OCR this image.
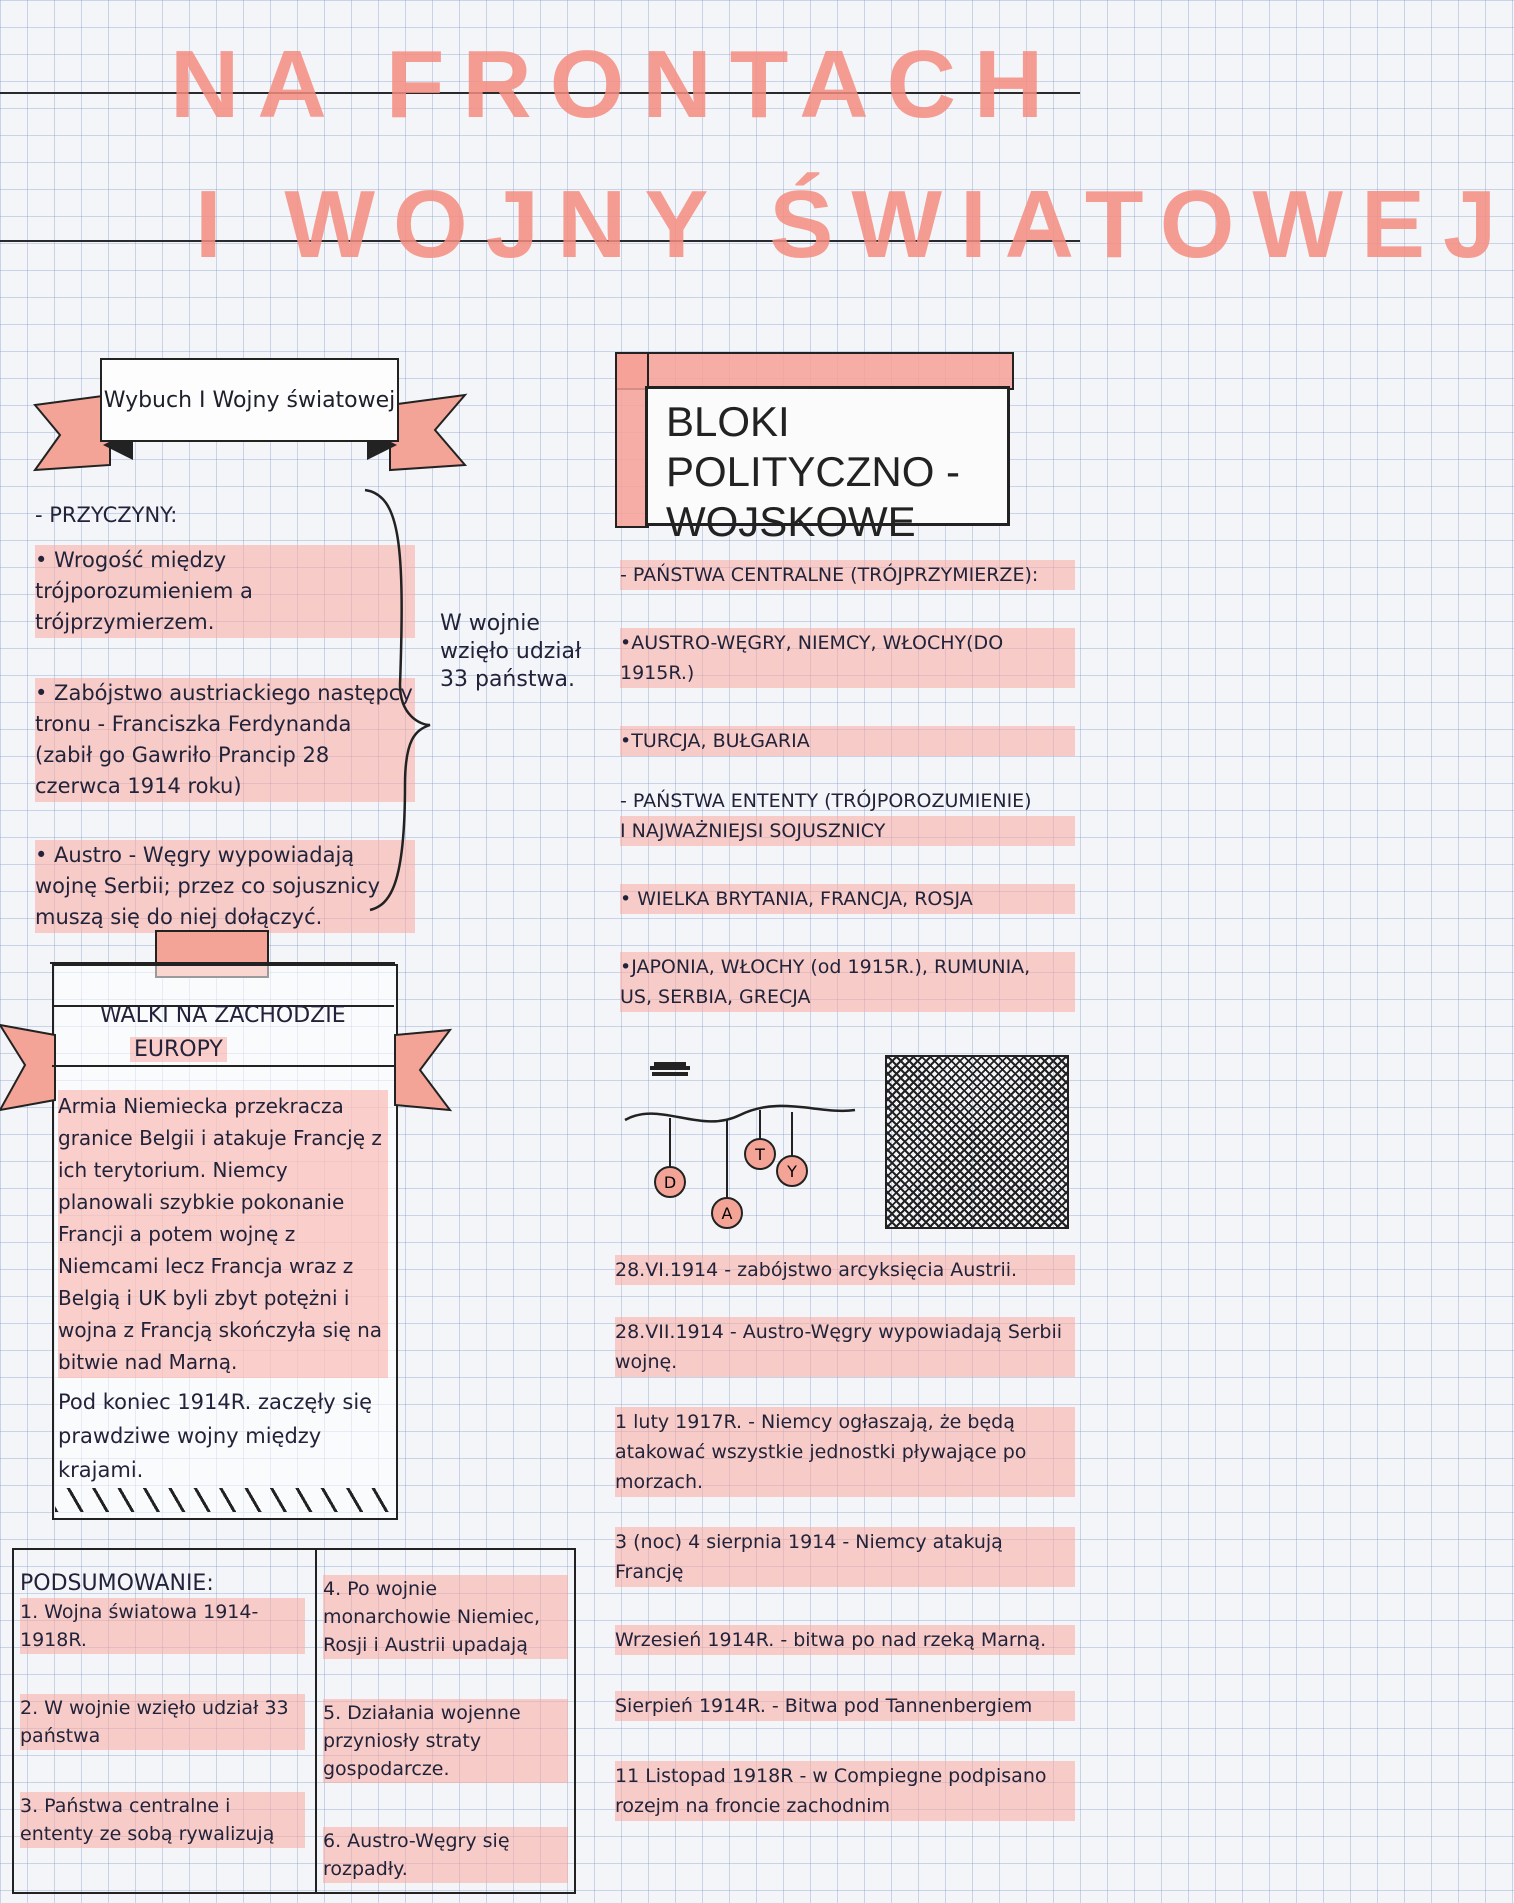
NA FRONTACH
I WOJNY ŚWIATOWEJ
Wybuch I Wojny światowej
- PRZYCZYNY:
• Wrogość między trójporozumieniem a trójprzymierzem.
• Zabójstwo austriackiego następcy tronu - Franciszka Ferdynanda (zabił go Gawriło Prancip 28 czerwca 1914 roku)
• Austro - Węgry wypowiadają wojnę Serbii; przez co sojusznicy muszą się do niej dołączyć.
W wojnie wzięło udział 33 państwa.
WALKI NA ZACHODZIE
EUROPY
Armia Niemiecka przekracza granice Belgii i atakuje Francję z ich terytorium. Niemcy planowali szybkie pokonanie Francji a potem wojnę z Niemcami lecz Francja wraz z Belgią i UK byli zbyt potężni i wojna z Francją skończyła się na bitwie nad Marną.
Pod koniec 1914R. zaczęły się prawdziwe wojny między krajami.
BLOKI POLITYCZNO -
WOJSKOWE
- PAŃSTWA CENTRALNE (TRÓJPRZYMIERZE):
•AUSTRO-WĘGRY, NIEMCY, WŁOCHY(DO 1915R.)
•TURCJA, BUŁGARIA
- PAŃSTWA ENTENTY (TRÓJPOROZUMIENIE)
I NAJWAŻNIEJSI SOJUSZNICY
• WIELKA BRYTANIA, FRANCJA, ROSJA
•JAPONIA, WŁOCHY (od 1915R.), RUMUNIA,
US, SERBIA, GRECJA
D
A
T
Y
28.VI.1914 - zabójstwo arcyksięcia Austrii.
28.VII.1914 - Austro-Węgry wypowiadają Serbii wojnę.
1 luty 1917R. - Niemcy ogłaszają, że będą atakować wszystkie jednostki pływające po morzach.
3 (noc) 4 sierpnia 1914 - Niemcy atakują Francję
Wrzesień 1914R. - bitwa po nad rzeką Marną.
Sierpień 1914R. - Bitwa pod Tannenbergiem
11 Listopad 1918R - w Compiegne podpisano rozejm na froncie zachodnim
PODSUMOWANIE:
1. Wojna światowa 1914-1918R.
2. W wojnie wzięło udział 33 państwa
3. Państwa centralne i ententy ze sobą rywalizują
4. Po wojnie monarchowie Niemiec, Rosji i Austrii upadają
5. Działania wojenne przyniosły straty gospodarcze.
6. Austro-Węgry się rozpadły.
